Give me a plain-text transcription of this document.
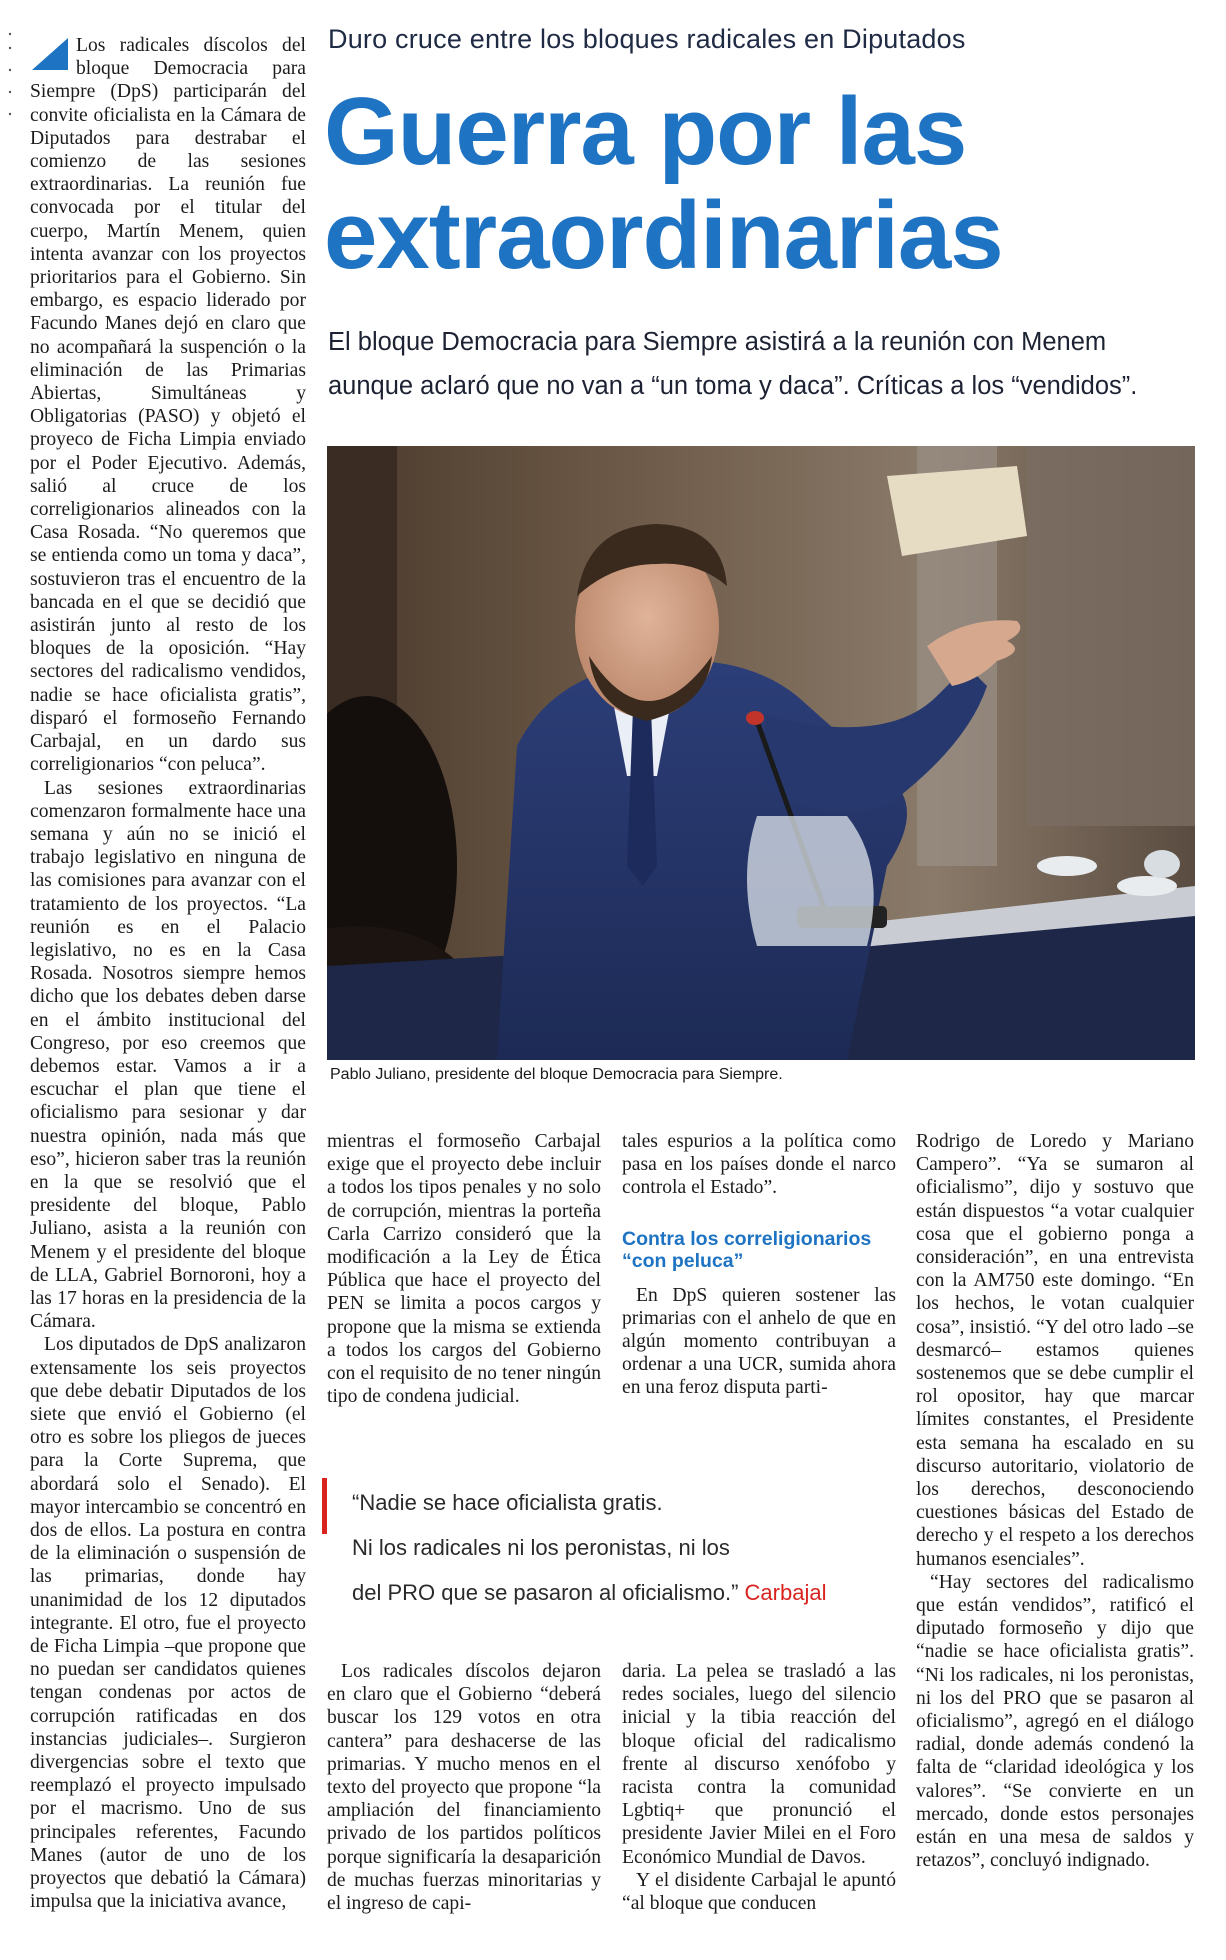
Los radicales díscolos del bloque Democracia para Siempre (DpS) participarán del convite oficialista en la Cámara de Diputados para destrabar el comienzo de las sesiones extraordinarias. La reunión fue convocada por el titular del cuerpo, Martín Menem, quien intenta avanzar con los proyectos prioritarios para el Gobierno. Sin embargo, es espacio liderado por Facundo Manes dejó en claro que no acompañará la suspención o la eliminación de las Primarias Abiertas, Simultáneas y Obligatorias (PASO) y objetó el proyeco de Ficha Limpia enviado por el Poder Ejecutivo. Además, salió al cruce de los correligionarios alineados con la Casa Rosada. “No queremos que se entienda como un toma y daca”, sostuvieron tras el encuentro de la bancada en el que se decidió que asistirán junto al resto de los bloques de la oposición. “Hay sectores del radicalismo vendidos, nadie se hace oficialista gratis”, disparó el formoseño Fernando Carbajal, en un dardo sus correligionarios “con peluca”.

Las sesiones extraordinarias comenzaron formalmente hace una semana y aún no se inició el trabajo legislativo en ninguna de las comisiones para avanzar con el tratamiento de los proyectos. “La reunión es en el Palacio legislativo, no es en la Casa Rosada. Nosotros siempre hemos dicho que los debates deben darse en el ámbito institucional del Congreso, por eso creemos que debemos estar. Vamos a ir a escuchar el plan que tiene el oficialismo para sesionar y dar nuestra opinión, nada más que eso”, hicieron saber tras la reunión en la que se resolvió que el presidente del bloque, Pablo Juliano, asista a la reunión con Menem y el presidente del bloque de LLA, Gabriel Bornoroni, hoy a las 17 horas en la presidencia de la Cámara.

Los diputados de DpS analizaron extensamente los seis proyectos que debe debatir Diputados de los siete que envió el Gobierno (el otro es sobre los pliegos de jueces para la Corte Suprema, que abordará solo el Senado). El mayor intercambio se concentró en dos de ellos. La postura en contra de la eliminación o suspensión de las primarias, donde hay unanimidad de los 12 diputados integrante. El otro, fue el proyecto de Ficha Limpia –que propone que no puedan ser candidatos quienes tengan condenas por actos de corrupción ratificadas en dos instancias judiciales–. Surgieron divergencias sobre el texto que reemplazó el proyecto impulsado por el macrismo. Uno de sus principales referentes, Facundo Manes (autor de uno de los proyectos que debatió la Cámara) impulsa que la iniciativa avance,

Duro cruce entre los bloques radicales en Diputados
Guerra por las
extraordinarias
El bloque Democracia para Siempre asistirá a la reunión con Menem
aunque aclaró que no van a “un toma y daca”. Críticas a los “vendidos”.
Pablo Juliano, presidente del bloque Democracia para Siempre.

mientras el formoseño Carbajal exige que el proyecto debe incluir a todos los tipos penales y no solo de corrupción, mientras la porteña Carla Carrizo consideró que la modificación a la Ley de Ética Pública que hace el proyecto del PEN se limita a pocos cargos y propone que la misma se extienda a todos los cargos del Gobierno con el requisito de no tener ningún tipo de condena judicial.

tales espurios a la política como pasa en los países donde el narco controla el Estado”.

En DpS quieren sostener las primarias con el anhelo de que en algún momento contribuyan a ordenar a una UCR, sumida ahora en una feroz disputa parti-

Contra los correligionarios “con peluca”
“Nadie se hace oficialista gratis.
Ni los radicales ni los peronistas, ni los
del PRO que se pasaron al oficialismo.” Carbajal

Los radicales díscolos dejaron en claro que el Gobierno “deberá buscar los 129 votos en otra cantera” para deshacerse de las primarias. Y mucho menos en el texto del proyecto que propone “la ampliación del financiamiento privado de los partidos políticos porque significaría la desaparición de muchas fuerzas minoritarias y el ingreso de capi-

daria. La pelea se trasladó a las redes sociales, luego del silencio inicial y la tibia reacción del bloque oficial del radicalismo frente al discurso xenófobo y racista contra la comunidad Lgbtiq+ que pronunció el presidente Javier Milei en el Foro Económico Mundial de Davos.

Y el disidente Carbajal le apuntó “al bloque que conducen

Rodrigo de Loredo y Mariano Campero”. “Ya se sumaron al oficialismo”, dijo y sostuvo que están dispuestos “a votar cualquier cosa que el gobierno ponga a consideración”, en una entrevista con la AM750 este domingo. “En los hechos, le votan cualquier cosa”, insistió. “Y del otro lado –se desmarcó– estamos quienes sostenemos que se debe cumplir el rol opositor, hay que marcar límites constantes, el Presidente esta semana ha escalado en su discurso autoritario, violatorio de los derechos, desconociendo cuestiones básicas del Estado de derecho y el respeto a los derechos humanos esenciales”.

“Hay sectores del radicalismo que están vendidos”, ratificó el diputado formoseño y dijo que “nadie se hace oficialista gratis”. “Ni los radicales, ni los peronistas, ni los del PRO que se pasaron al oficialismo”, agregó en el diálogo radial, donde además condenó la falta de “claridad ideológica y los valores”. “Se convierte en un mercado, donde estos personajes están en una mesa de saldos y retazos”, concluyó indignado.
